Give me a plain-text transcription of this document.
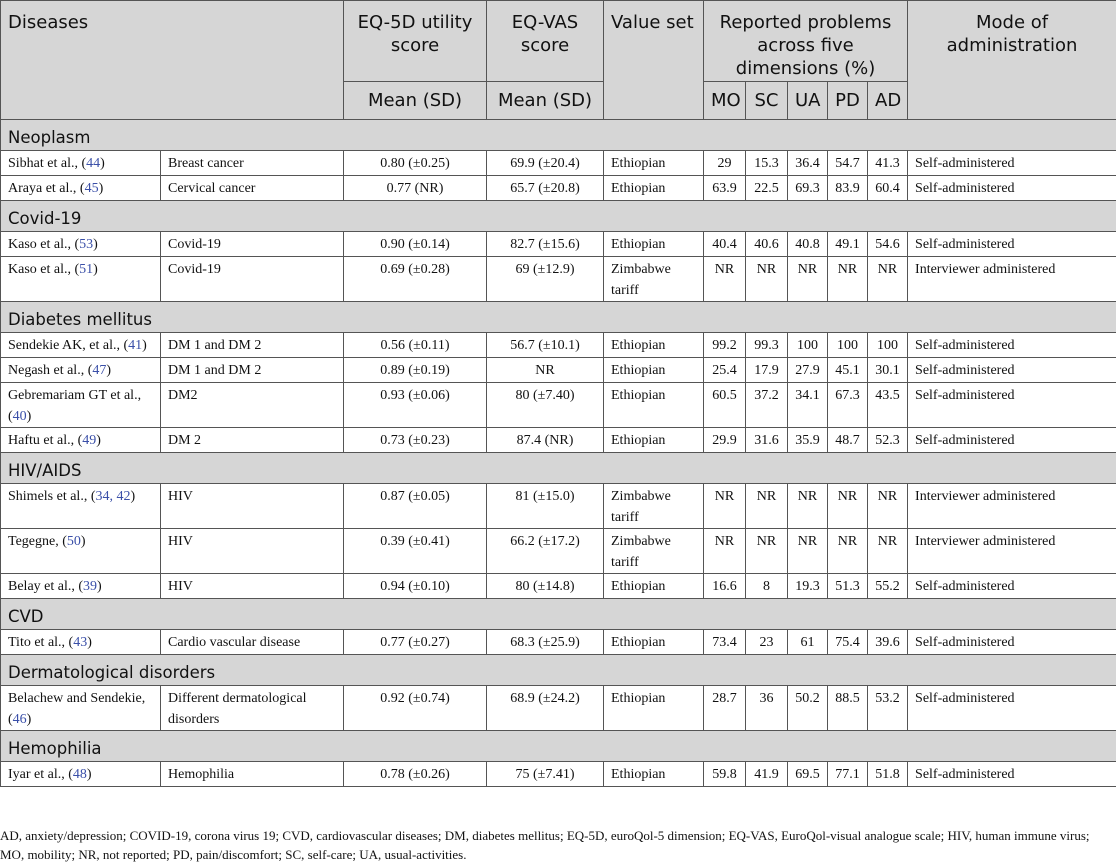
Diseases		EQ-5D utility score	EQ-VAS score	Value set	Reported problems across five dimensions (%)					Mode of administration
		Mean (SD)	Mean (SD)		MO	SC	UA	PD	AD	
Neoplasm										
Sibhat et al., (44)	Breast cancer	0.80 (±0.25)	69.9 (±20.4)	Ethiopian	29	15.3	36.4	54.7	41.3	Self-administered
Araya et al., (45)	Cervical cancer	0.77 (NR)	65.7 (±20.8)	Ethiopian	63.9	22.5	69.3	83.9	60.4	Self-administered
Covid-19										
Kaso et al., (53)	Covid-19	0.90 (±0.14)	82.7 (±15.6)	Ethiopian	40.4	40.6	40.8	49.1	54.6	Self-administered
Kaso et al., (51)	Covid-19	0.69 (±0.28)	69 (±12.9)	Zimbabwe tariff	NR	NR	NR	NR	NR	Interviewer administered
Diabetes mellitus										
Sendekie AK, et al., (41)	DM 1 and DM 2	0.56 (±0.11)	56.7 (±10.1)	Ethiopian	99.2	99.3	100	100	100	Self-administered
Negash et al., (47)	DM 1 and DM 2	0.89 (±0.19)	NR	Ethiopian	25.4	17.9	27.9	45.1	30.1	Self-administered
Gebremariam GT et al., (40)	DM2	0.93 (±0.06)	80 (±7.40)	Ethiopian	60.5	37.2	34.1	67.3	43.5	Self-administered
Haftu et al., (49)	DM 2	0.73 (±0.23)	87.4 (NR)	Ethiopian	29.9	31.6	35.9	48.7	52.3	Self-administered
HIV/AIDS										
Shimels et al., (34, 42)	HIV	0.87 (±0.05)	81 (±15.0)	Zimbabwe tariff	NR	NR	NR	NR	NR	Interviewer administered
Tegegne, (50)	HIV	0.39 (±0.41)	66.2 (±17.2)	Zimbabwe tariff	NR	NR	NR	NR	NR	Interviewer administered
Belay et al., (39)	HIV	0.94 (±0.10)	80 (±14.8)	Ethiopian	16.6	8	19.3	51.3	55.2	Self-administered
CVD										
Tito et al., (43)	Cardio vascular disease	0.77 (±0.27)	68.3 (±25.9)	Ethiopian	73.4	23	61	75.4	39.6	Self-administered
Dermatological disorders										
Belachew and Sendekie, (46)	Different dermatological disorders	0.92 (±0.74)	68.9 (±24.2)	Ethiopian	28.7	36	50.2	88.5	53.2	Self-administered
Hemophilia										
Iyar et al., (48)	Hemophilia	0.78 (±0.26)	75 (±7.41)	Ethiopian	59.8	41.9	69.5	77.1	51.8	Self-administered
AD, anxiety/depression; COVID-19, corona virus 19; CVD, cardiovascular diseases; DM, diabetes mellitus; EQ-5D, euroQol-5 dimension; EQ-VAS, EuroQol-visual analogue scale; HIV, human immune virus; MO, mobility; NR, not reported; PD, pain/discomfort; SC, self-care; UA, usual-activities.
